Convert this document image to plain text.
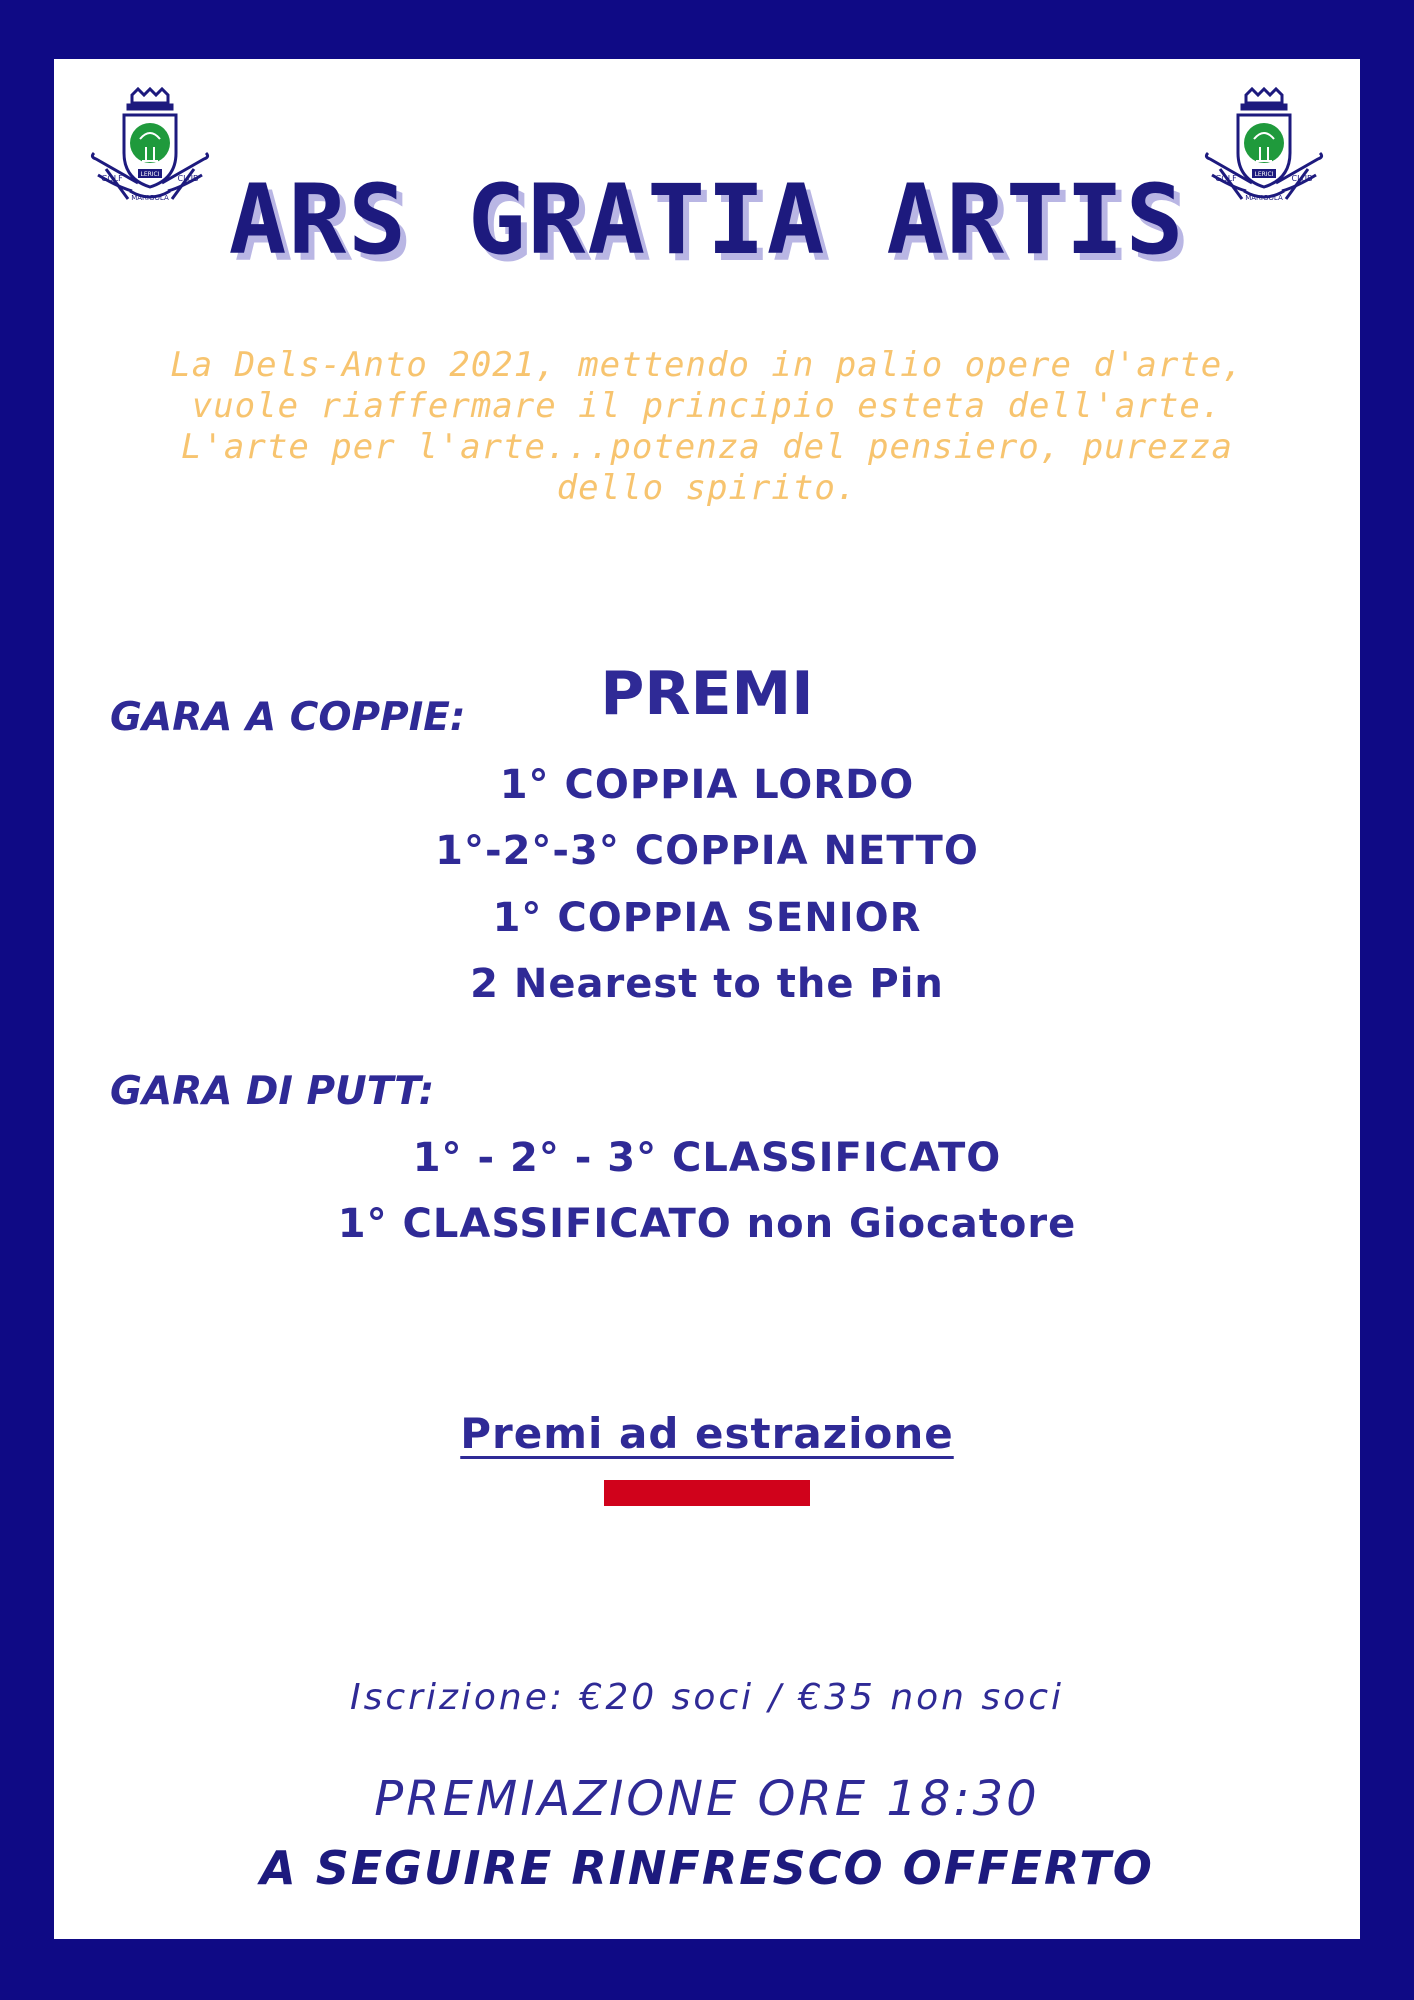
LERICI
GOLF
MARIGOLA
CLUB	LERICI
GOLF
MARIGOLA
CLUB
ARS GRATIA ARTIS
La Dels-Anto 2021, mettendo in palio opere d'arte,
vuole riaffermare il principio esteta dell'arte.
L'arte per l'arte...potenza del pensiero, purezza
dello spirito.
PREMI
GARA A COPPIE:
1° COPPIA LORDO
1°-2°-3° COPPIA NETTO
1° COPPIA SENIOR
2 Nearest to the Pin
GARA DI PUTT:
1° - 2° - 3° CLASSIFICATO
1° CLASSIFICATO non Giocatore
Premi ad estrazione
Iscrizione: €20 soci / €35 non soci
PREMIAZIONE ORE 18:30
A SEGUIRE RINFRESCO OFFERTO
